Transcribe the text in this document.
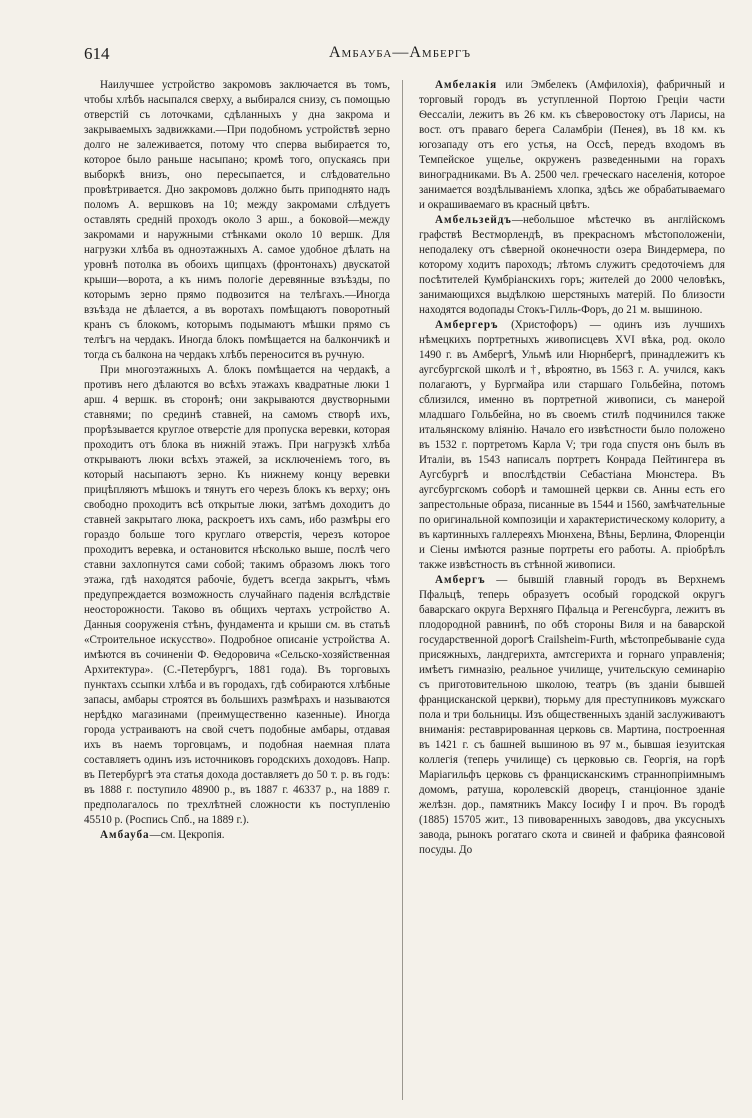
614	Амбауба—Амбергъ

Наилучшее устройство закромовъ заключается въ томъ, чтобы хлѣбъ насыпался сверху, а выбирался снизу, съ помощью отверстій съ лоточками, сдѣланныхъ у дна закрома и закрываемыхъ задвижками.—При подобномъ устройствѣ зерно долго не залеживается, потому что сперва выбирается то, которое было раньше насыпано; кромѣ того, опускаясь при выборкѣ внизъ, оно пересыпается, и слѣдовательно провѣтривается. Дно закромовъ должно быть приподнято надъ поломъ А. вершковъ на 10; между закромами слѣдуетъ оставлять средній проходъ около 3 арш., а боковой—между закромами и наружными стѣнками около 10 вершк. Для нагрузки хлѣба въ одноэтажныхъ А. самое удобное дѣлать на уровнѣ потолка въ обоихъ щипцахъ (фронтонахъ) двускатой крыши—ворота, а къ нимъ пологіе деревянные взъѣзды, по которымъ зерно прямо подвозится на телѣгахъ.—Иногда взъѣзда не дѣлается, а въ воротахъ помѣщаютъ поворотный кранъ съ блокомъ, которымъ подымаютъ мѣшки прямо съ телѣгъ на чердакъ. Иногда блокъ помѣщается на балкончикѣ и тогда съ балкона на чердакъ хлѣбъ переносится въ ручную.

При многоэтажныхъ А. блокъ помѣщается на чердакѣ, а противъ него дѣлаются во всѣхъ этажахъ квадратные люки 1 арш. 4 вершк. въ сторонѣ; они закрываются двустворными ставнями; по срединѣ ставней, на самомъ створѣ ихъ, прорѣзывается круглое отверстіе для пропуска веревки, которая проходитъ отъ блока въ нижній этажъ. При нагрузкѣ хлѣба открываютъ люки всѣхъ этажей, за исключеніемъ того, въ который насыпаютъ зерно. Къ нижнему концу веревки прицѣпляютъ мѣшокъ и тянутъ его черезъ блокъ къ верху; онъ свободно проходитъ всѣ открытые люки, затѣмъ доходитъ до ставней закрытаго люка, раскроетъ ихъ самъ, ибо размѣры его гораздо больше того круглаго отверстія, черезъ которое проходитъ веревка, и остановится нѣсколько выше, послѣ чего ставни захлопнутся сами собой; такимъ образомъ люкъ того этажа, гдѣ находятся рабочіе, будетъ всегда закрытъ, чѣмъ предупреждается возможность случайнаго паденія вслѣдствіе неосторожности. Таково въ общихъ чертахъ устройство А. Данныя сооруженія стѣнъ, фундамента и крыши см. въ статьѣ «Строительное искусство». Подробное описаніе устройства А. имѣются въ сочиненіи Ф. Ѳедоровича «Сельско-хозяйственная Архитектура». (С.-Петербургъ, 1881 года). Въ торговыхъ пунктахъ ссыпки хлѣба и въ городахъ, гдѣ собираются хлѣбные запасы, амбары строятся въ большихъ размѣрахъ и называются нерѣдко магазинами (преимущественно казенные). Иногда города устраиваютъ на свой счетъ подобные амбары, отдавая ихъ въ наемъ торговцамъ, и подобная наемная плата составляетъ одинъ изъ источниковъ городскихъ доходовъ. Напр. въ Петербургѣ эта статья дохода доставляетъ до 50 т. р. въ годъ: въ 1888 г. поступило 48900 р., въ 1887 г. 46337 р., на 1889 г. предполагалось по трехлѣтней сложности къ поступленію 45510 р. (Роспись Спб., на 1889 г.).

Амбауба—см. Цекропія.

Амбелакія или Эмбелекъ (Амфилохія), фабричный и торговый городъ въ уступленной Портою Греціи части Ѳессаліи, лежитъ въ 26 км. къ сѣверовостоку отъ Ларисы, на вост. отъ праваго берега Саламбріи (Пенея), въ 18 км. къ югозападу отъ его устья, на Оссѣ, передъ входомъ въ Темпейское ущелье, окруженъ разведенными на горахъ виноградниками. Въ А. 2500 чел. греческаго населенія, которое занимается воздѣлываніемъ хлопка, здѣсь же обрабатываемаго и окрашиваемаго въ красный цвѣтъ.

Амбельзейдъ—небольшое мѣстечко въ англійскомъ графствѣ Вестморлендѣ, въ прекрасномъ мѣстоположеніи, неподалеку отъ сѣверной оконечности озера Виндермера, по которому ходитъ пароходъ; лѣтомъ служитъ средоточіемъ для посѣтителей Кумбріанскихъ горъ; жителей до 2000 человѣкъ, занимающихся выдѣлкою шерстяныхъ матерій. По близости находятся водопады Стокъ-Гилль-Форъ, до 21 м. вышиною.

Амбергеръ (Христофоръ) — одинъ изъ лучшихъ нѣмецкихъ портретныхъ живописцевъ XVI вѣка, род. около 1490 г. въ Амбергѣ, Ульмѣ или Нюрнбергѣ, принадлежитъ къ аугсбургской школѣ и †, вѣроятно, въ 1563 г. А. учился, какъ полагаютъ, у Бургмайра или старшаго Гольбейна, потомъ сблизился, именно въ портретной живописи, съ манерой младшаго Гольбейна, но въ своемъ стилѣ подчинился также итальянскому вліянію. Начало его извѣстности было положено въ 1532 г. портретомъ Карла V; три года спустя онъ былъ въ Италіи, въ 1543 написалъ портретъ Конрада Пейтингера въ Аугсбургѣ и впослѣдствіи Себастіана Мюнстера. Въ аугсбургскомъ соборѣ и тамошней церкви св. Анны есть его запрестольные образа, писанные въ 1544 и 1560, замѣчательные по оригинальной композиціи и характеристическому колориту, а въ картинныхъ галлереяхъ Мюнхена, Вѣны, Берлина, Флоренціи и Сіены имѣются разные портреты его работы. А. пріобрѣлъ также извѣстность въ стѣнной живописи.

Амбергъ — бывшій главный городъ въ Верхнемъ Пфальцѣ, теперь образуетъ особый городской округъ баварскаго округа Верхняго Пфальца и Регенсбурга, лежитъ въ плодородной равнинѣ, по обѣ стороны Виля и на баварской государственной дорогѣ Crailsheim-Furth, мѣстопребываніе суда присяжныхъ, ландгерихта, амтсгерихта и горнаго управленія; имѣетъ гимназію, реальное училище, учительскую семинарію съ приготовительною школою, театръ (въ зданіи бывшей францисканской церкви), тюрьму для преступниковъ мужскаго пола и три больницы. Изъ общественныхъ зданій заслуживаютъ вниманія: реставрированная церковь св. Мартина, построенная въ 1421 г. съ башней вышиною въ 97 м., бывшая іезуитская коллегія (теперь училище) съ церковью св. Георгія, на горѣ Маріагильфъ церковь съ францисканскимъ страннопріимнымъ домомъ, ратуша, королевскій дворецъ, станціонное зданіе желѣзн. дор., памятникъ Максу Іосифу I и проч. Въ городѣ (1885) 15705 жит., 13 пивоваренныхъ заводовъ, два уксусныхъ завода, рынокъ рогатаго скота и свиней и фабрика фаянсовой посуды. До
